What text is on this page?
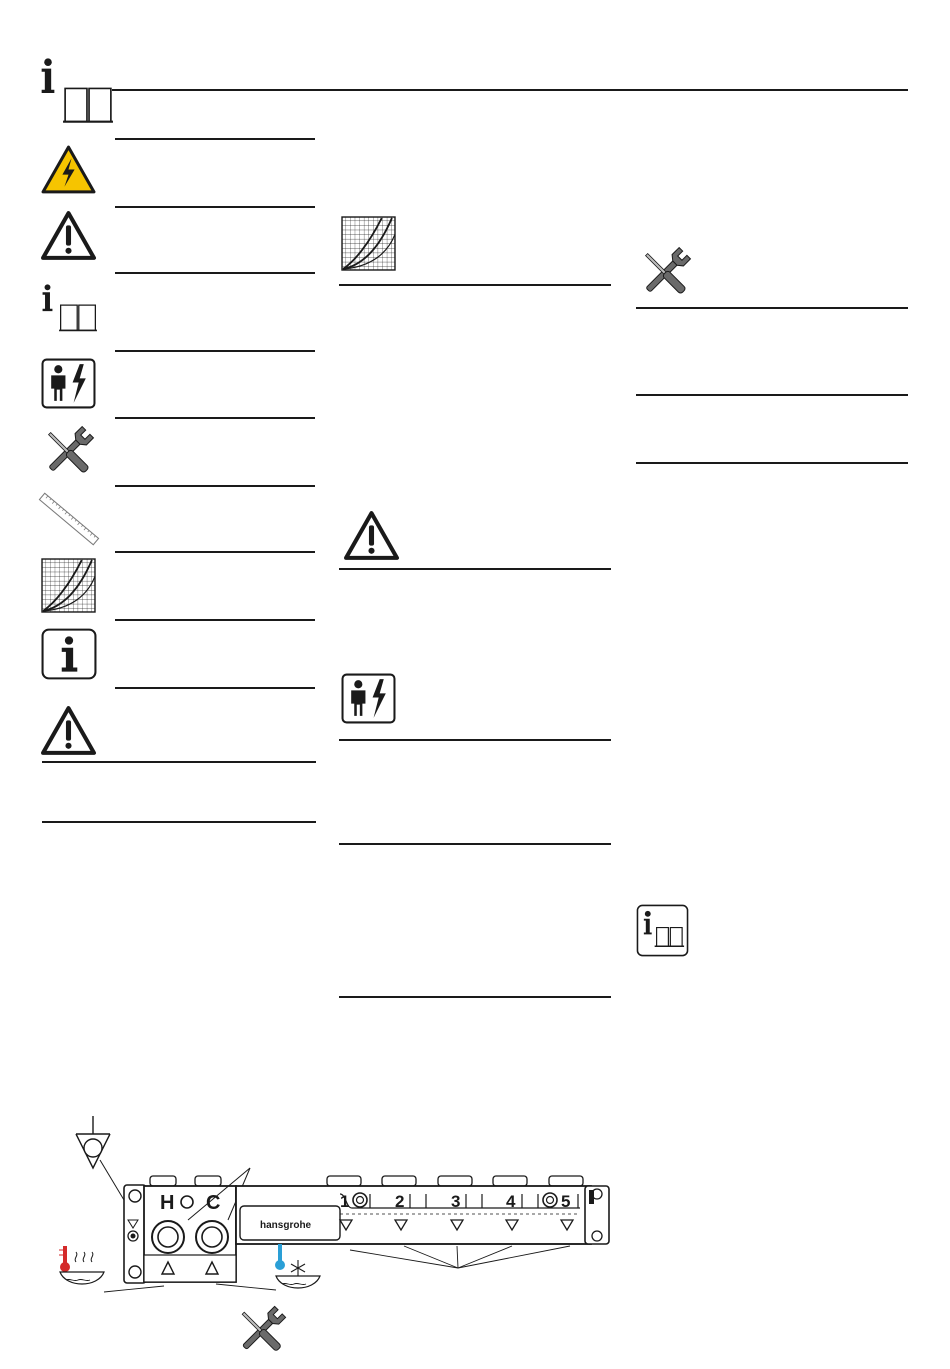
H C
hansgrohe
1	2	3	4	5
